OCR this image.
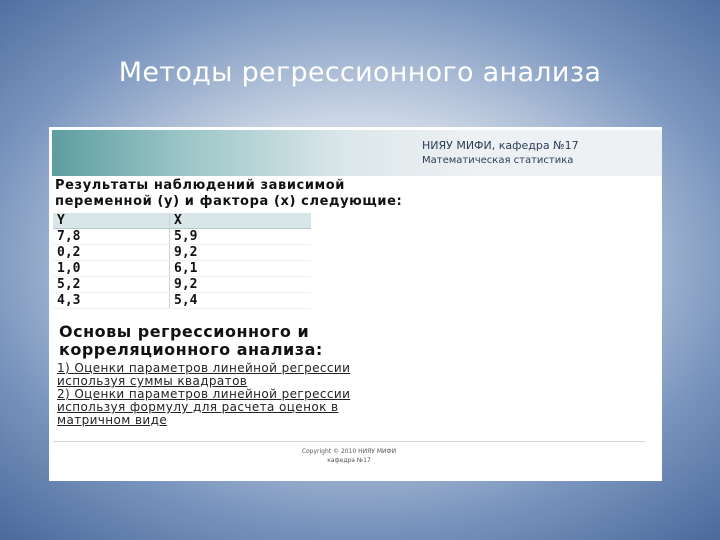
Методы регрессионного анализа
НИЯУ МИФИ, кафедра №17
Математическая статистика
Результаты наблюдений зависимой
переменной (y) и фактора (x) следующие:
Y	X
7,8	5,9
0,2	9,2
1,0	6,1
5,2	9,2
4,3	5,4
Основы регрессионного и
корреляционного анализа:
1) Оценки параметров линейной регрессии
используя суммы квадратов
2) Оценки параметров линейной регрессии
используя формулу для расчета оценок в
матричном виде
Copyright © 2010 НИЯУ МИФИ
кафедра №17
